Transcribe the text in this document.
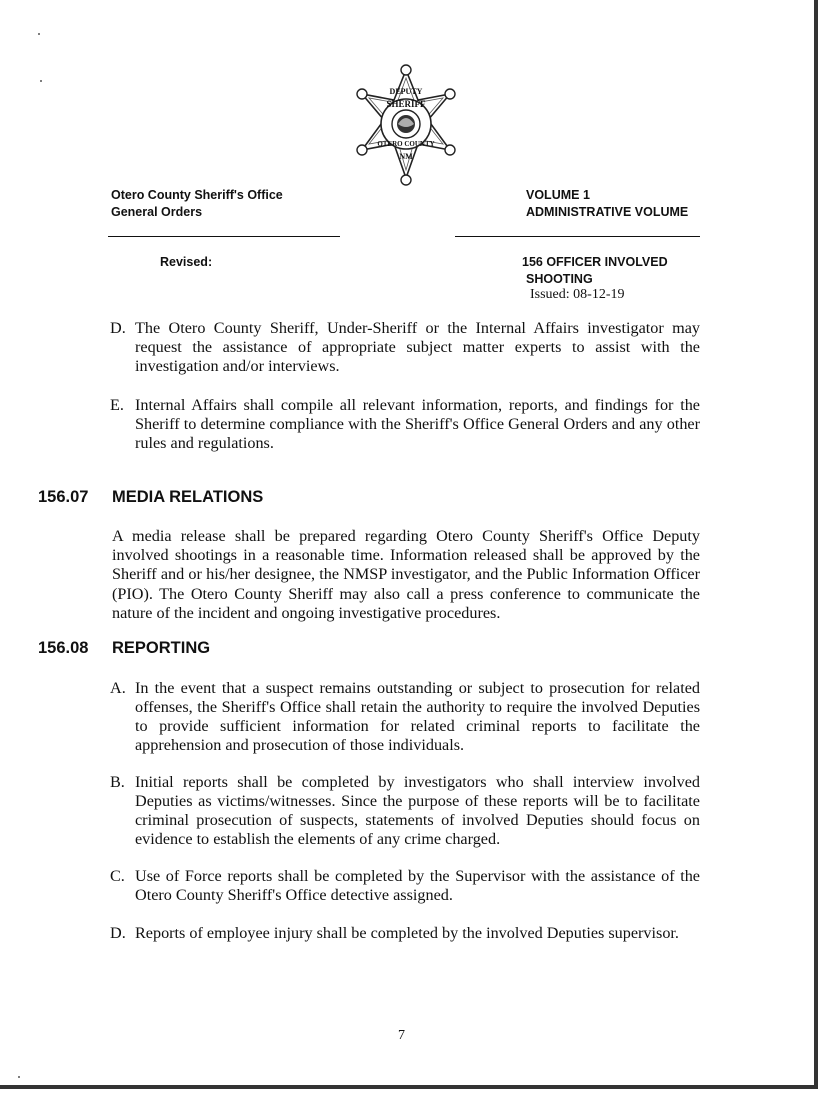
DEPUTY
SHERIFF
OTERO COUNTY
NM
Otero County Sheriff's Office
General Orders
VOLUME 1
ADMINISTRATIVE VOLUME
Revised:	156 OFFICER INVOLVED
SHOOTING
Issued: 08-12-19
D. The Otero County Sheriff, Under-Sheriff or the Internal Affairs investigator may request the assistance of appropriate subject matter experts to assist with the investigation and/or interviews.
E. Internal Affairs shall compile all relevant information, reports, and findings for the Sheriff to determine compliance with the Sheriff's Office General Orders and any other rules and regulations.
156.07 MEDIA RELATIONS
A media release shall be prepared regarding Otero County Sheriff's Office Deputy involved shootings in a reasonable time. Information released shall be approved by the Sheriff and or his/her designee, the NMSP investigator, and the Public Information Officer (PIO). The Otero County Sheriff may also call a press conference to communicate the nature of the incident and ongoing investigative procedures.
156.08 REPORTING
A. In the event that a suspect remains outstanding or subject to prosecution for related offenses, the Sheriff's Office shall retain the authority to require the involved Deputies to provide sufficient information for related criminal reports to facilitate the apprehension and prosecution of those individuals.
B. Initial reports shall be completed by investigators who shall interview involved Deputies as victims/witnesses. Since the purpose of these reports will be to facilitate criminal prosecution of suspects, statements of involved Deputies should focus on evidence to establish the elements of any crime charged.
C. Use of Force reports shall be completed by the Supervisor with the assistance of the Otero County Sheriff's Office detective assigned.
D. Reports of employee injury shall be completed by the involved Deputies supervisor.
7
